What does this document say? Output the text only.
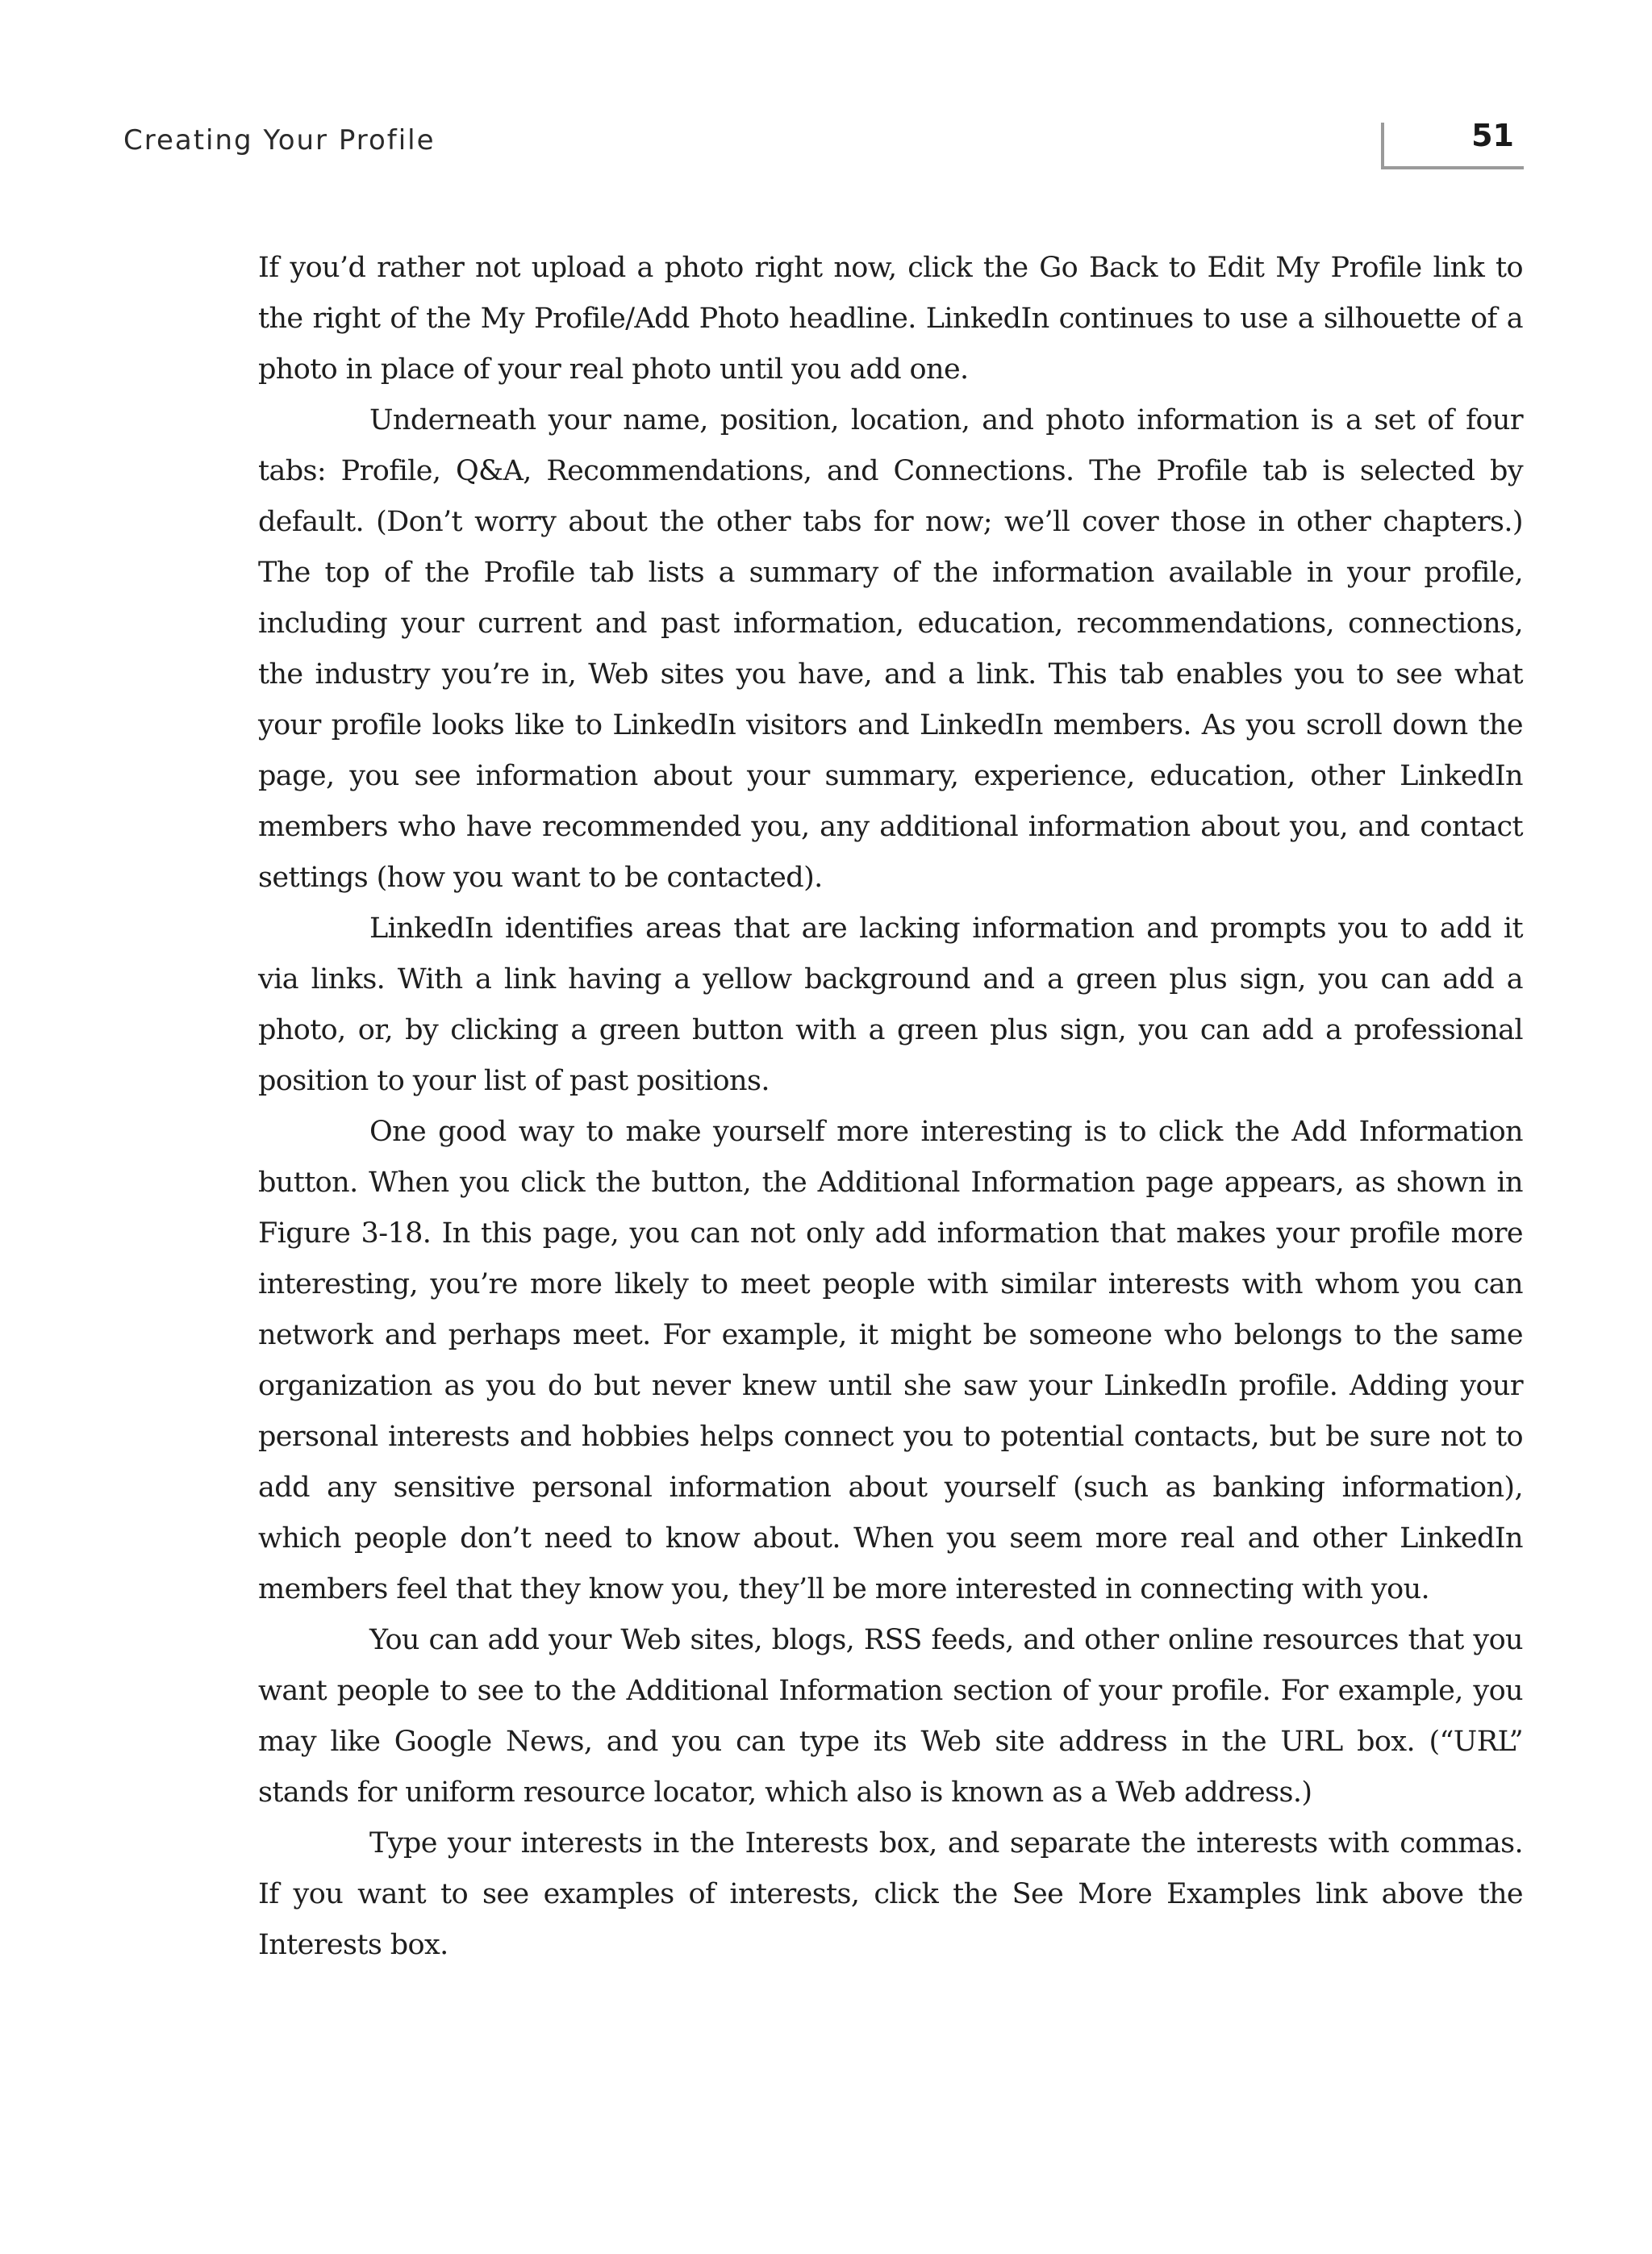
Creating Your Profile	51

If you’d rather not upload a photo right now, click the Go Back to Edit My Profile link to the right of the My Profile/Add Photo headline. LinkedIn continues to use a silhouette of a photo in place of your real photo until you add one.

Underneath your name, position, location, and photo information is a set of four tabs: Profile, Q&A, Recommendations, and Connections. The Profile tab is selected by default. (Don’t worry about the other tabs for now; we’ll cover those in other chapters.) The top of the Profile tab lists a summary of the information available in your profile, including your current and past information, education, recommendations, connections, the industry you’re in, Web sites you have, and a link. This tab enables you to see what your profile looks like to LinkedIn visitors and LinkedIn members. As you scroll down the page, you see information about your summary, experience, education, other LinkedIn members who have recommended you, any additional information about you, and contact settings (how you want to be contacted).

LinkedIn identifies areas that are lacking information and prompts you to add it via links. With a link having a yellow background and a green plus sign, you can add a photo, or, by clicking a green button with a green plus sign, you can add a professional position to your list of past positions.

One good way to make yourself more interesting is to click the Add Information button. When you click the button, the Additional Information page appears, as shown in Figure 3-18. In this page, you can not only add information that makes your profile more interesting, you’re more likely to meet people with similar interests with whom you can network and perhaps meet. For example, it might be someone who belongs to the same organization as you do but never knew until she saw your LinkedIn profile. Adding your personal interests and hobbies helps connect you to potential contacts, but be sure not to add any sensitive personal information about yourself (such as banking information), which people don’t need to know about. When you seem more real and other LinkedIn members feel that they know you, they’ll be more interested in connecting with you.

You can add your Web sites, blogs, RSS feeds, and other online resources that you want people to see to the Additional Information section of your profile. For example, you may like Google News, and you can type its Web site address in the URL box. (“URL” stands for uniform resource locator, which also is known as a Web address.)

Type your interests in the Interests box, and separate the interests with commas. If you want to see examples of interests, click the See More Examples link above the Interests box.
